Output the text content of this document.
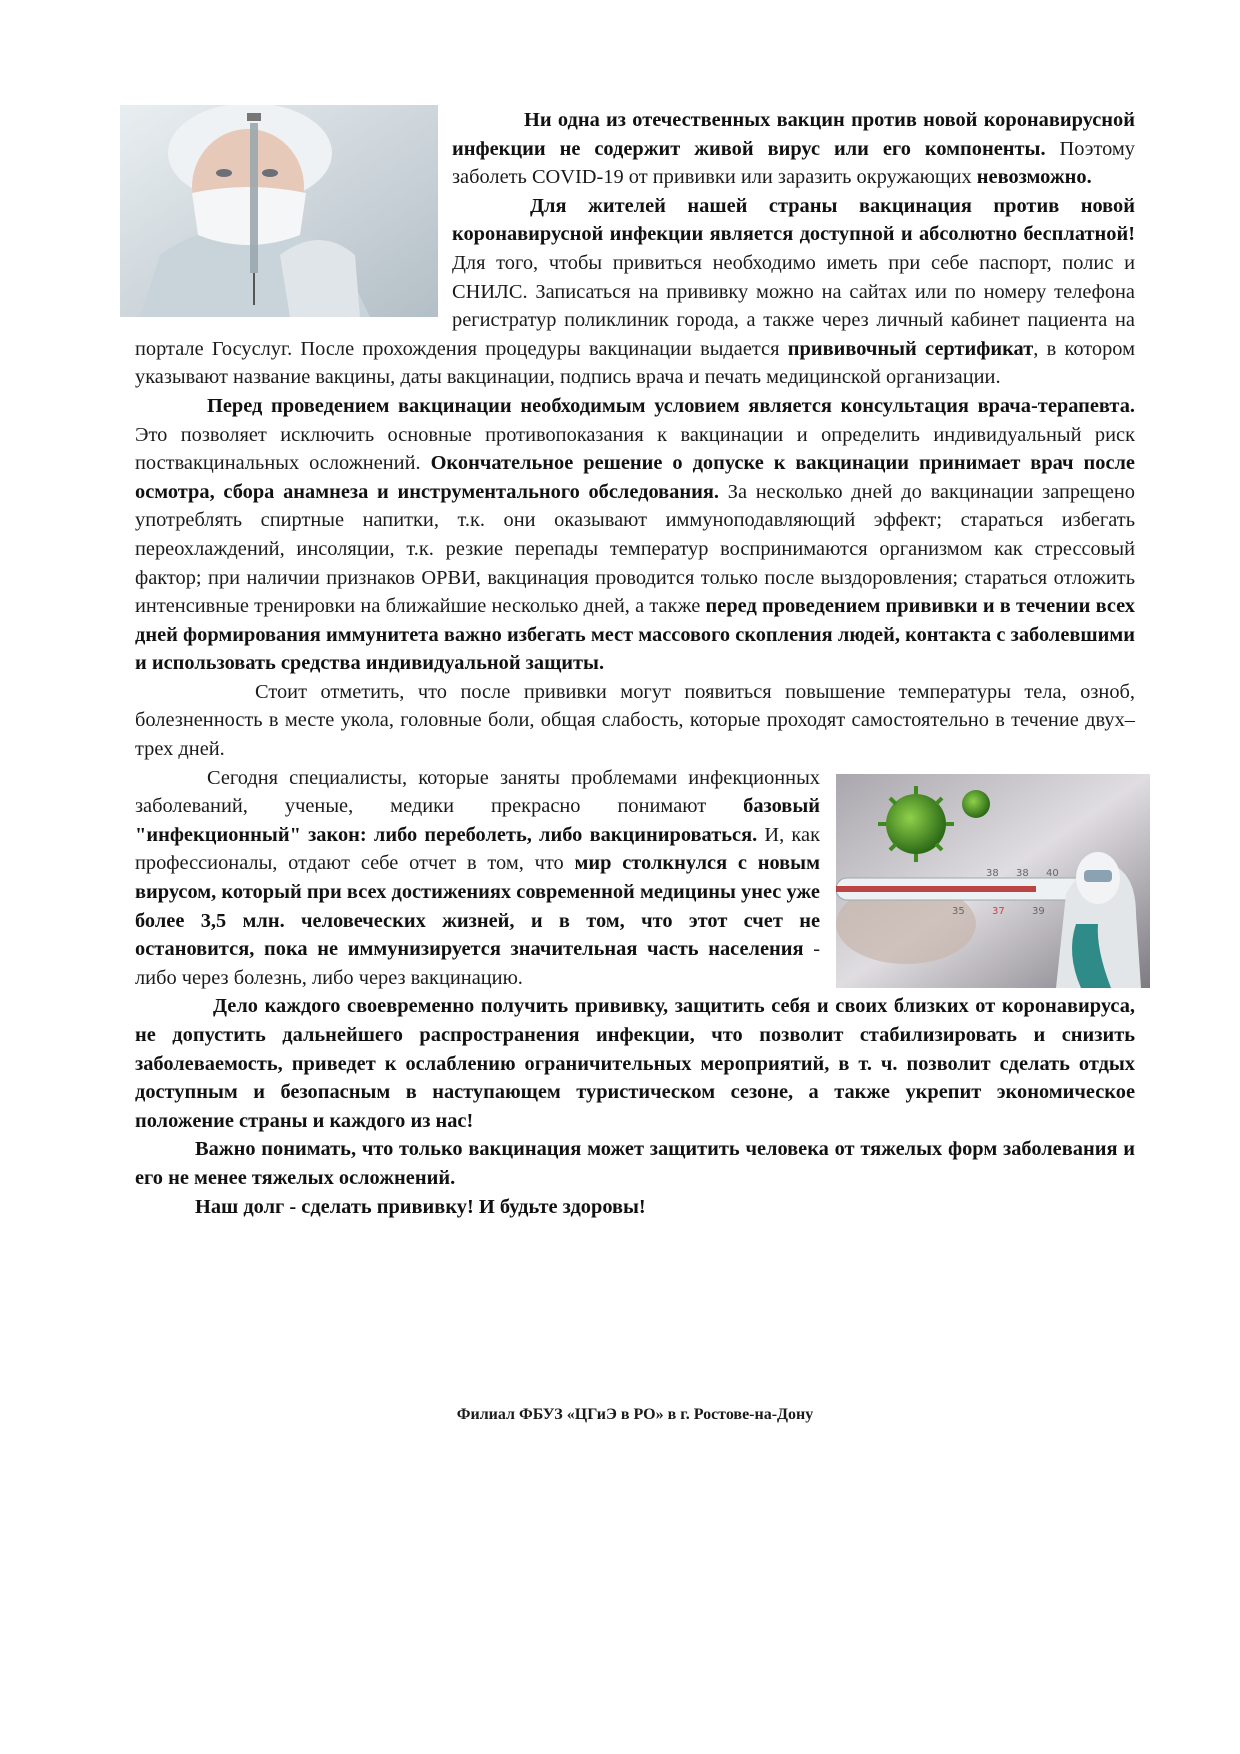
Ни одна из отечественных вакцин против новой коронавирусной инфекции не содержит живой вирус или его компоненты. Поэтому заболеть COVID-19 от прививки или заразить окружающих невозможно.

Для жителей нашей страны вакцинация против новой коронавирусной инфекции является доступной и абсолютно бесплатной! Для того, чтобы привиться необходимо иметь при себе паспорт, полис и СНИЛС. Записаться на прививку можно на сайтах или по номеру телефона регистратур поликлиник города, а также через личный кабинет пациента на портале Госуслуг. После прохождения процедуры вакцинации выдается прививочный сертификат, в котором указывают название вакцины, даты вакцинации, подпись врача и печать медицинской организации.

Перед проведением вакцинации необходимым условием является консультация врача-терапевта. Это позволяет исключить основные противопоказания к вакцинации и определить индивидуальный риск поствакцинальных осложнений. Окончательное решение о допуске к вакцинации принимает врач после осмотра, сбора анамнеза и инструментального обследования. За несколько дней до вакцинации запрещено употреблять спиртные напитки, т.к. они оказывают иммуноподавляющий эффект; стараться избегать переохлаждений, инсоляции, т.к. резкие перепады температур воспринимаются организмом как стрессовый фактор; при наличии признаков ОРВИ, вакцинация проводится только после выздоровления; стараться отложить интенсивные тренировки на ближайшие несколько дней, а также перед проведением прививки и в течении всех дней формирования иммунитета важно избегать мест массового скопления людей, контакта с заболевшими и использовать средства индивидуальной защиты.

Стоит отметить, что после прививки могут появиться повышение температуры тела, озноб, болезненность в месте укола, головные боли, общая слабость, которые проходят самостоятельно в течение двух–трех дней.

38 38 40
35	37	39

Сегодня специалисты, которые заняты проблемами инфекционных заболеваний, ученые, медики прекрасно понимают базовый "инфекционный" закон: либо переболеть, либо вакцинироваться. И, как профессионалы, отдают себе отчет в том, что мир столкнулся с новым вирусом, который при всех достижениях современной медицины унес уже более 3,5 млн. человеческих жизней, и в том, что этот счет не остановится, пока не иммунизируется значительная часть населения - либо через болезнь, либо через вакцинацию.

Дело каждого своевременно получить прививку, защитить себя и своих близких от коронавируса, не допустить дальнейшего распространения инфекции, что позволит стабилизировать и снизить заболеваемость, приведет к ослаблению ограничительных мероприятий, в т. ч. позволит сделать отдых доступным и безопасным в наступающем туристическом сезоне, а также укрепит экономическое положение страны и каждого из нас!

Важно понимать, что только вакцинация может защитить человека от тяжелых форм заболевания и его не менее тяжелых осложнений.

Наш долг - сделать прививку! И будьте здоровы!

Филиал ФБУЗ «ЦГиЭ в РО» в г. Ростове-на-Дону
